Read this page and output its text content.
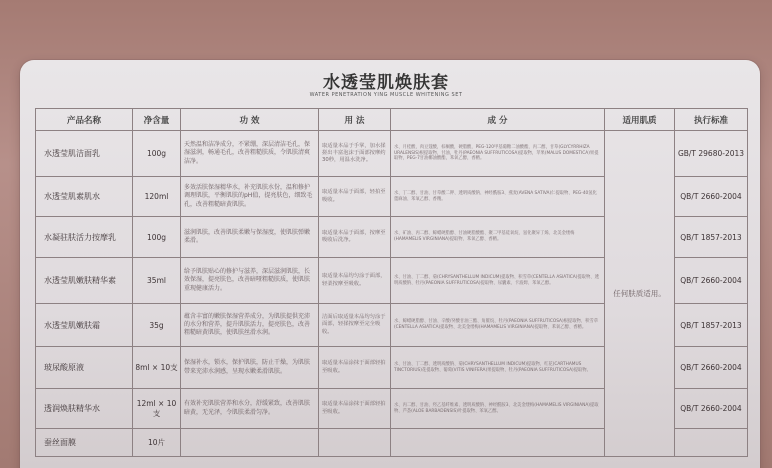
水透莹肌焕肤套
WATER PENETRATION YING MUSCLE WHITENING SET
产品名称	净含量	功 效	用 法	成 分	适用肌质	执行标准
水透莹肌洁面乳	100g	天然温和洁净成分，不紧绷，深层清洁毛孔，保湿滋润，畅通毛孔，改善粗糙肤质，令肌肤清爽洁净。	取适量本品于手掌，加水揉搓出丰富泡沫于面部按摩约30秒，用温水洗净。	水、月桂酸，肉豆蔻酸，棕榈酸，硬脂酸，PEG-120甲基葡糖二油酸酯，丙二醇，甘草(GLYCYRRHIZA URALENSIS)根提取物，甘油，牡丹(PAEONIA SUFFRUTICOSA)提取物，苹果(MALUS DOMESTICA)果提取物，PEG-7甘油椰油酸酯，苯氧乙醇，香精。	任何肤质适用。	GB/T 29680-2013
水透莹肌素肌水	120ml	多效活肤保湿精华水，补充肌肤水份，温和修护调理肌肤，平衡肌肤的pH值，提亮肤色，细致毛孔，改善粗糙暗黄肌肤。	取适量本品于面部，轻拍至吸收。	水、丁二醇、甘油、甘草酸二钾、透明质酸钠、神经酰胺3、燕麦(AVENA SATIVA)仁提取物、PEG-40氢化蓖麻油、苯氧乙醇、香精。		QB/T 2660-2004
水凝驻肤活力按摩乳	100g	滋润肌肤，改善肌肤柔嫩与保湿度，使肌肤弹嫩柔滑。	取适量本品于面部，按摩至吸收后洗净。	水、矿油、丙二醇、鲸蜡硬脂醇、甘油硬脂酸酯、聚二甲基硅氧烷、氢化聚异丁烯、北美金缕梅(HAMAMELIS VIRGINIANA)提取物、苯氧乙醇、香精。		QB/T 1857-2013
水透莹肌嫩肤精华素	35ml	给予肌肤贴心的修护与滋养，深层滋润肌肤，长效保湿，提亮肤色，改善暗哑粗糙肤质，使肌肤重现健康活力。	取适量本品均匀涂于面部，轻柔按摩至吸收。	水、甘油、丁二醇、菊(CHRYSANTHELLUM INDICUM)提取物、积雪草(CENTELLA ASIATICA)提取物、透明质酸钠、牡丹(PAEONIA SUFFRUTICOSA)提取物、尿囊素、卡波姆、苯氧乙醇。		QB/T 2660-2004
水透莹肌嫩肤霜	35g	蕴含丰富的嫩肤保湿营养成分，为肌肤提供充沛的水分和营养，提升肌肤活力，提亮肤色，改善粗糙暗黄肌肤，使肌肤丝滑水润。	洁面后取适量本品均匀涂于面部，轻揉按摩至完全吸收。	水、鲸蜡硬脂醇、甘油、辛酸/癸酸甘油三酯、角鲨烷、牡丹(PAEONIA SUFFRUTICOSA)根提取物、积雪草(CENTELLA ASIATICA)提取物、北美金缕梅(HAMAMELIS VIRGINIANA)提取物、苯氧乙醇、香精。		QB/T 1857-2013
玻尿酸原液	8ml × 10支	保湿补水，锁水，保护肌肤，防止干燥，为肌肤带来充沛水润感，呈现水嫩柔滑肌肤。	取适量本品涂抹于面部轻拍至吸收。	水、甘油、丁二醇、透明质酸钠、菊(CHRYSANTHELLUM INDICUM)提取物、红花(CARTHAMUS TINCTORIUS)花提取物、葡萄(VITIS VINIFERA)果提取物、牡丹(PAEONIA SUFFRUTICOSA)提取物。		QB/T 2660-2004
透润焕肤精华水	12ml × 10支	有效补充肌肤营养和水分，舒缓紧致，改善肌肤暗黄，无光泽，令肌肤柔滑匀净。	取适量本品涂抹于面部轻拍至吸收。	水、丙二醇、甘油、羟乙基纤维素、透明质酸钠、神经酰胺3、北美金缕梅(HAMAMELIS VIRGINIANA)提取物、芦荟(ALOE BARBADENSIS)叶提取物、苯氧乙醇。		QB/T 2660-2004
蚕丝面膜	10片					
